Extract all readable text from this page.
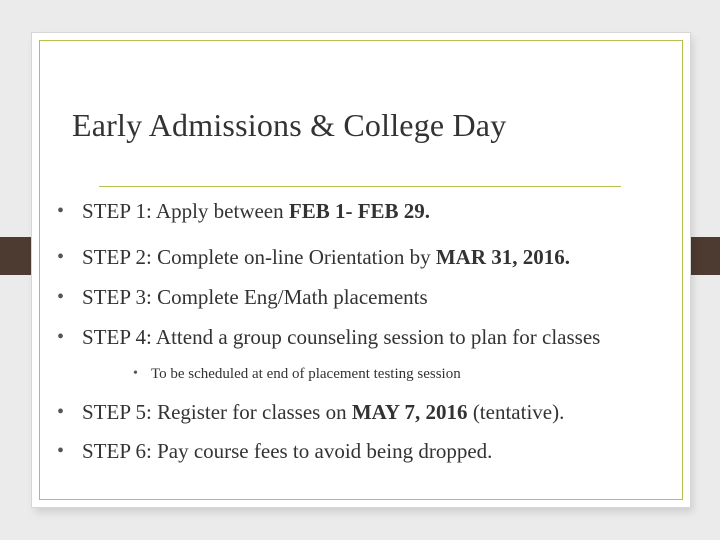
Early Admissions & College Day
• STEP 1: Apply between FEB 1- FEB 29.
• STEP 2: Complete on-line Orientation by MAR 31, 2016.
• STEP 3: Complete Eng/Math placements
• STEP 4: Attend a group counseling session to plan for classes
• STEP 5: Register for classes on MAY 7, 2016 (tentative).
• STEP 6: Pay course fees to avoid being dropped.
• To be scheduled at end of placement testing session
